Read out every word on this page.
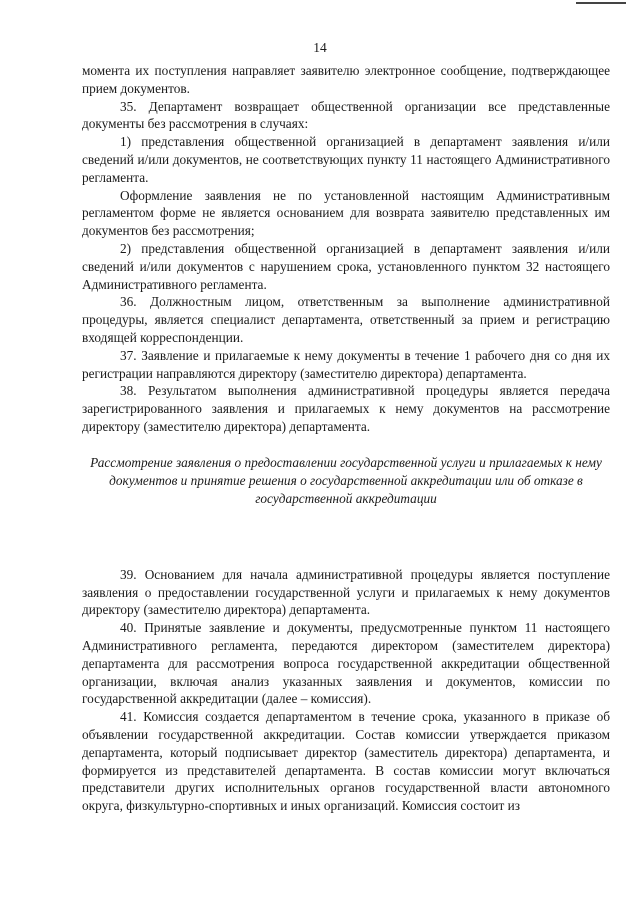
14

момента их поступления направляет заявителю электронное сообщение, подтверждающее прием документов.

35. Департамент возвращает общественной организации все представленные документы без рассмотрения в случаях:

1) представления общественной организацией в департамент заявления и/или сведений и/или документов, не соответствующих пункту 11 настоящего Административного регламента.

Оформление заявления не по установленной настоящим Административным регламентом форме не является основанием для возврата заявителю представленных им документов без рассмотрения;

2) представления общественной организацией в департамент заявления и/или сведений и/или документов с нарушением срока, установленного пунктом 32 настоящего Административного регламента.

36. Должностным лицом, ответственным за выполнение административной процедуры, является специалист департамента, ответственный за прием и регистрацию входящей корреспонденции.

37. Заявление и прилагаемые к нему документы в течение 1 рабочего дня со дня их регистрации направляются директору (заместителю директора) департамента.

38. Результатом выполнения административной процедуры является передача зарегистрированного заявления и прилагаемых к нему документов на рассмотрение директору (заместителю директора) департамента.

Рассмотрение заявления о предоставлении государственной услуги и прилагаемых к нему документов и принятие решения о государственной аккредитации или об отказе в государственной аккредитации

39. Основанием для начала административной процедуры является поступление заявления о предоставлении государственной услуги и прилагаемых к нему документов директору (заместителю директора) департамента.

40. Принятые заявление и документы, предусмотренные пунктом 11 настоящего Административного регламента, передаются директором (заместителем директора) департамента для рассмотрения вопроса государственной аккредитации общественной организации, включая анализ указанных заявления и документов, комиссии по государственной аккредитации (далее – комиссия).

41. Комиссия создается департаментом в течение срока, указанного в приказе об объявлении государственной аккредитации. Состав комиссии утверждается приказом департамента, который подписывает директор (заместитель директора) департамента, и формируется из представителей департамента. В состав комиссии могут включаться представители других исполнительных органов государственной власти автономного округа, физкультурно-спортивных и иных организаций. Комиссия состоит из
